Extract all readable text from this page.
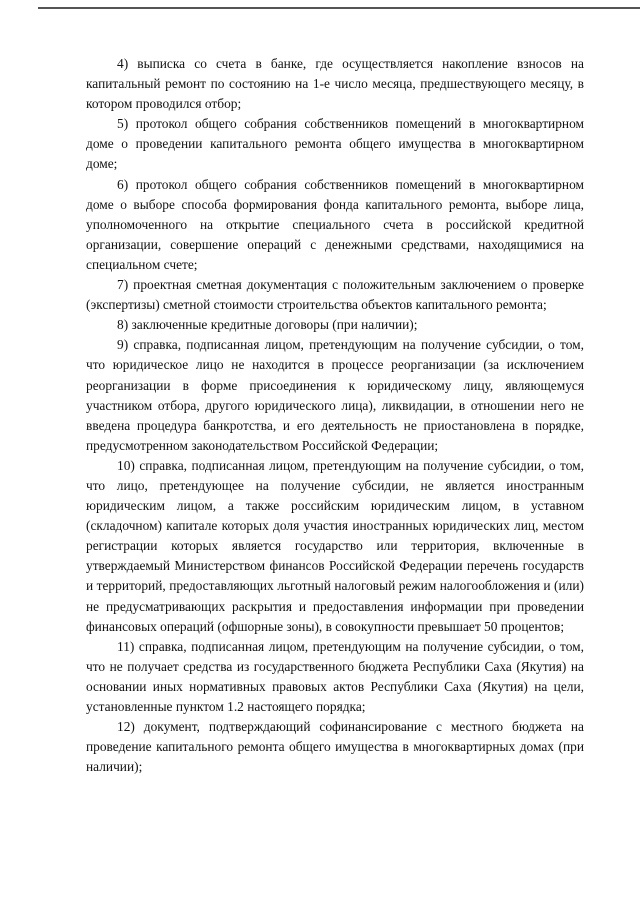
4) выписка со счета в банке, где осуществляется накопление взносов на капитальный ремонт по состоянию на 1-е число месяца, предшествующего месяцу, в котором проводился отбор;

5) протокол общего собрания собственников помещений в многоквартирном доме о проведении капитального ремонта общего имущества в многоквартирном доме;

6) протокол общего собрания собственников помещений в многоквартирном доме о выборе способа формирования фонда капитального ремонта, выборе лица, уполномоченного на открытие специального счета в российской кредитной организации, совершение операций с денежными средствами, находящимися на специальном счете;

7) проектная сметная документация с положительным заключением о проверке (экспертизы) сметной стоимости строительства объектов капитального ремонта;

8) заключенные кредитные договоры (при наличии);

9) справка, подписанная лицом, претендующим на получение субсидии, о том, что юридическое лицо не находится в процессе реорганизации (за исключением реорганизации в форме присоединения к юридическому лицу, являющемуся участником отбора, другого юридического лица), ликвидации, в отношении него не введена процедура банкротства, и его деятельность не приостановлена в порядке, предусмотренном законодательством Российской Федерации;

10) справка, подписанная лицом, претендующим на получение субсидии, о том, что лицо, претендующее на получение субсидии, не является иностранным юридическим лицом, а также российским юридическим лицом, в уставном (складочном) капитале которых доля участия иностранных юридических лиц, местом регистрации которых является государство или территория, включенные в утверждаемый Министерством финансов Российской Федерации перечень государств и территорий, предоставляющих льготный налоговый режим налогообложения и (или) не предусматривающих раскрытия и предоставления информации при проведении финансовых операций (офшорные зоны), в совокупности превышает 50 процентов;

11) справка, подписанная лицом, претендующим на получение субсидии, о том, что не получает средства из государственного бюджета Республики Саха (Якутия) на основании иных нормативных правовых актов Республики Саха (Якутия) на цели, установленные пунктом 1.2 настоящего порядка;

12) документ, подтверждающий софинансирование с местного бюджета на проведение капитального ремонта общего имущества в многоквартирных домах (при наличии);
